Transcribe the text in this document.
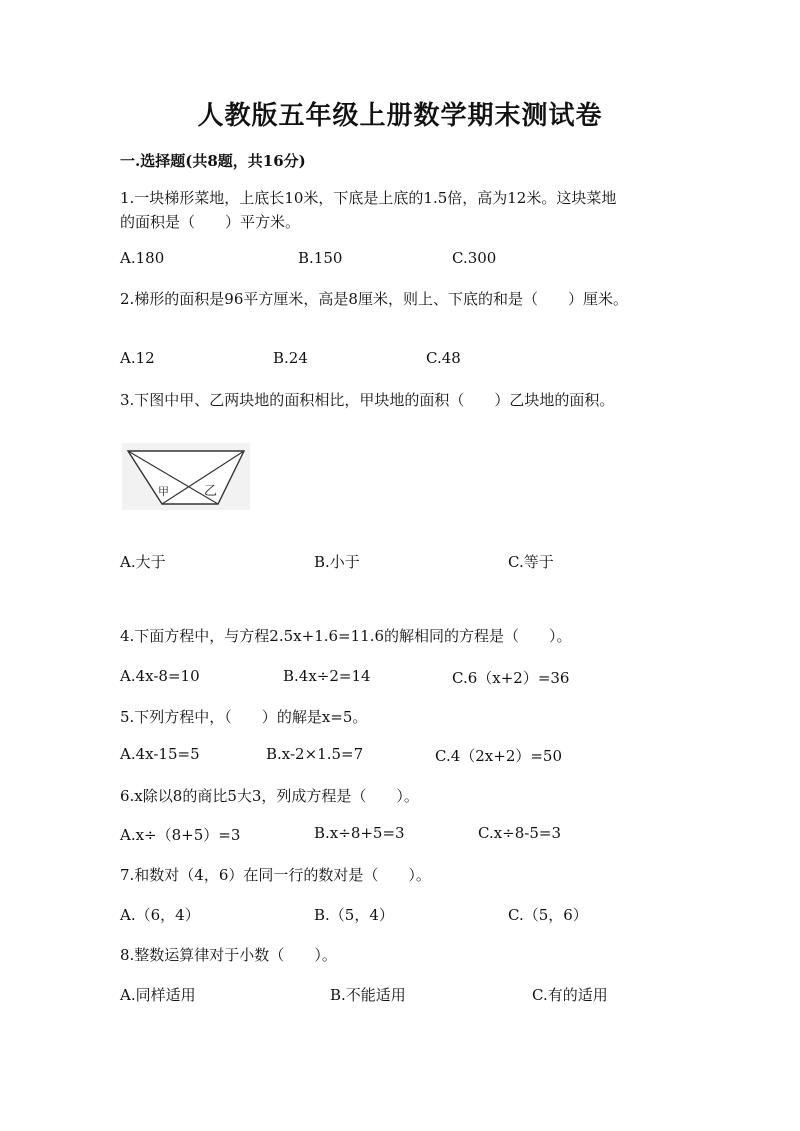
人教版五年级上册数学期末测试卷
一.选择题(共8题，共16分)
1.一块梯形菜地，上底长10米，下底是上底的1.5倍，高为12米。这块菜地
的面积是（　　）平方米。
A.180	B.150	C.300
2.梯形的面积是96平方厘米，高是8厘米，则上、下底的和是（　　）厘米。
A.12	B.24	C.48
3.下图中甲、乙两块地的面积相比，甲块地的面积（　　）乙块地的面积。
甲	乙
A.大于	B.小于	C.等于
4.下面方程中，与方程2.5x+1.6=11.6的解相同的方程是（　　）。
A.4x-8=10	B.4x÷2=14	C.6（x+2）=36
5.下列方程中，（　　）的解是x=5。
A.4x-15=5	B.x-2×1.5=7	C.4（2x+2）=50
6.x除以8的商比5大3，列成方程是（　　）。
A.x÷（8+5）=3	B.x÷8+5=3	C.x÷8-5=3
7.和数对（4，6）在同一行的数对是（　　）。
A.（6，4）	B.（5，4）	C.（5，6）
8.整数运算律对于小数（　　）。
A.同样适用	B.不能适用	C.有的适用
